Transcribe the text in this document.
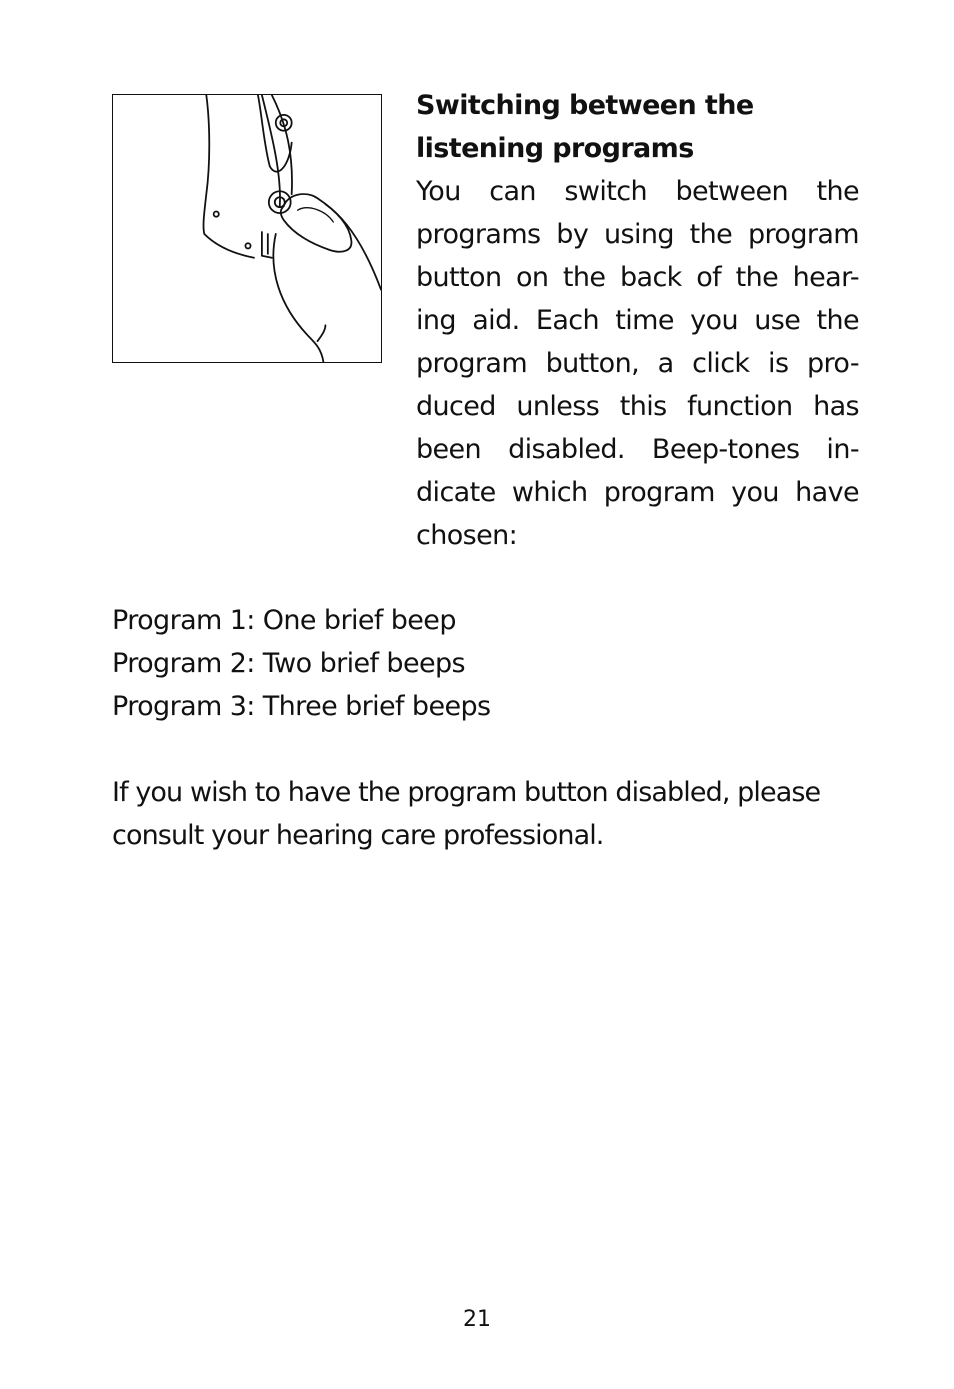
Switching between the
listening programs

You can switch between the
programs by using the program
button on the back of the hear-
ing aid. Each time you use the
program button, a click is pro-
duced unless this function has
been disabled. Beep-tones in-
dicate which program you have
chosen:

Program 1: One brief beep
Program 2: Two brief beeps
Program 3: Three brief beeps

If you wish to have the program button disabled, please
consult your hearing care professional.

21
